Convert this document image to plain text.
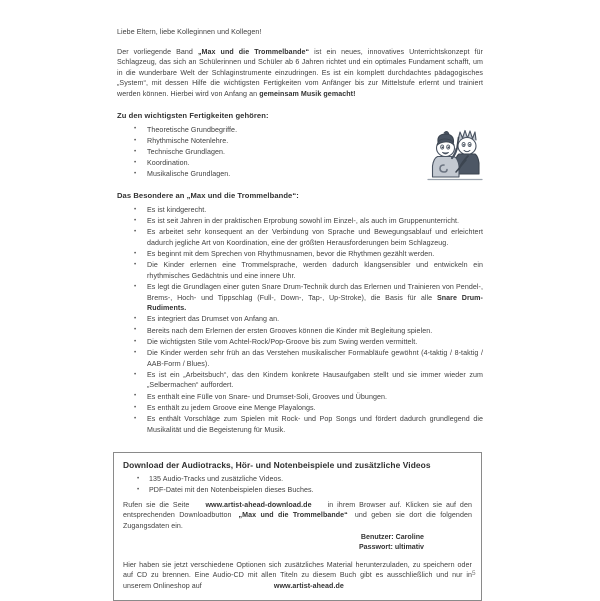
Liebe Eltern, liebe Kolleginnen und Kollegen!

Der vorliegende Band „Max und die Trommelbande“ ist ein neues, innovatives Unterrichtskonzept für Schlagzeug, das sich an Schülerinnen und Schüler ab 6 Jahren richtet und ein optimales Fundament schafft, um in die wunderbare Welt der Schlaginstrumente einzudringen. Es ist ein komplett durchdachtes pädagogisches „System“, mit dessen Hilfe die wichtigsten Fertigkeiten vom Anfänger bis zur Mittelstufe erlernt und trainiert werden können. Hierbei wird von Anfang an gemeinsam Musik gemacht!

Zu den wichtigsten Fertigkeiten gehören:
• Theoretische Grundbegriffe.
• Rhythmische Notenlehre.
• Technische Grundlagen.
• Koordination.
• Musikalische Grundlagen.
Das Besondere an „Max und die Trommelbande“:
• Es ist kindgerecht.
• Es ist seit Jahren in der praktischen Erprobung sowohl im Einzel-, als auch im Gruppenunterricht.
• Es arbeitet sehr konsequent an der Verbindung von Sprache und Bewegungsablauf und erleichtert dadurch jegliche Art von Koordination, eine der größten Herausforderungen beim Schlagzeug.
• Es beginnt mit dem Sprechen von Rhythmusnamen, bevor die Rhythmen gezählt werden.
• Die Kinder erlernen eine Trommelsprache, werden dadurch klangsensibler und entwickeln ein rhythmisches Gedächtnis und eine innere Uhr.
• Es legt die Grundlagen einer guten Snare Drum-Technik durch das Erlernen und Trainieren von Pendel-, Brems-, Hoch- und Tippschlag (Full-, Down-, Tap-, Up-Stroke), die Basis für alle Snare Drum-Rudiments.
• Es integriert das Drumset von Anfang an.
• Bereits nach dem Erlernen der ersten Grooves können die Kinder mit Begleitung spielen.
• Die wichtigsten Stile vom Achtel-Rock/Pop-Groove bis zum Swing werden vermittelt.
• Die Kinder werden sehr früh an das Verstehen musikalischer Formabläufe gewöhnt (4-taktig / 8-taktig / AAB-Form / Blues).
• Es ist ein „Arbeitsbuch“, das den Kindern konkrete Hausaufgaben stellt und sie immer wieder zum „Selbermachen“ auffordert.
• Es enthält eine Fülle von Snare- und Drumset-Soli, Grooves und Übungen.
• Es enthält zu jedem Groove eine Menge Playalongs.
• Es enthält Vorschläge zum Spielen mit Rock- und Pop Songs und fördert dadurch grundlegend die Musikalität und die Begeisterung für Musik.
Download der Audiotracks, Hör- und Notenbeispiele und zusätzliche Videos
• 135 Audio-Tracks und zusätzliche Videos.
• PDF-Datei mit den Notenbeispielen dieses Buches.

Rufen sie die Seite www.artist-ahead-download.de in ihrem Browser auf. Klicken sie auf den entsprechenden Downloadbutton „Max und die Trommelbande“ und geben sie dort die folgenden Zugangsdaten ein.

Benutzer: Caroline
Passwort: ultimativ

Hier haben sie jetzt verschiedene Optionen sich zusätzliches Material herunterzuladen, zu speichern oder auf CD zu brennen. Eine Audio-CD mit allen Titeln zu diesem Buch gibt es ausschließlich und nur in unserem Onlineshop auf	www.artist-ahead.de

5
